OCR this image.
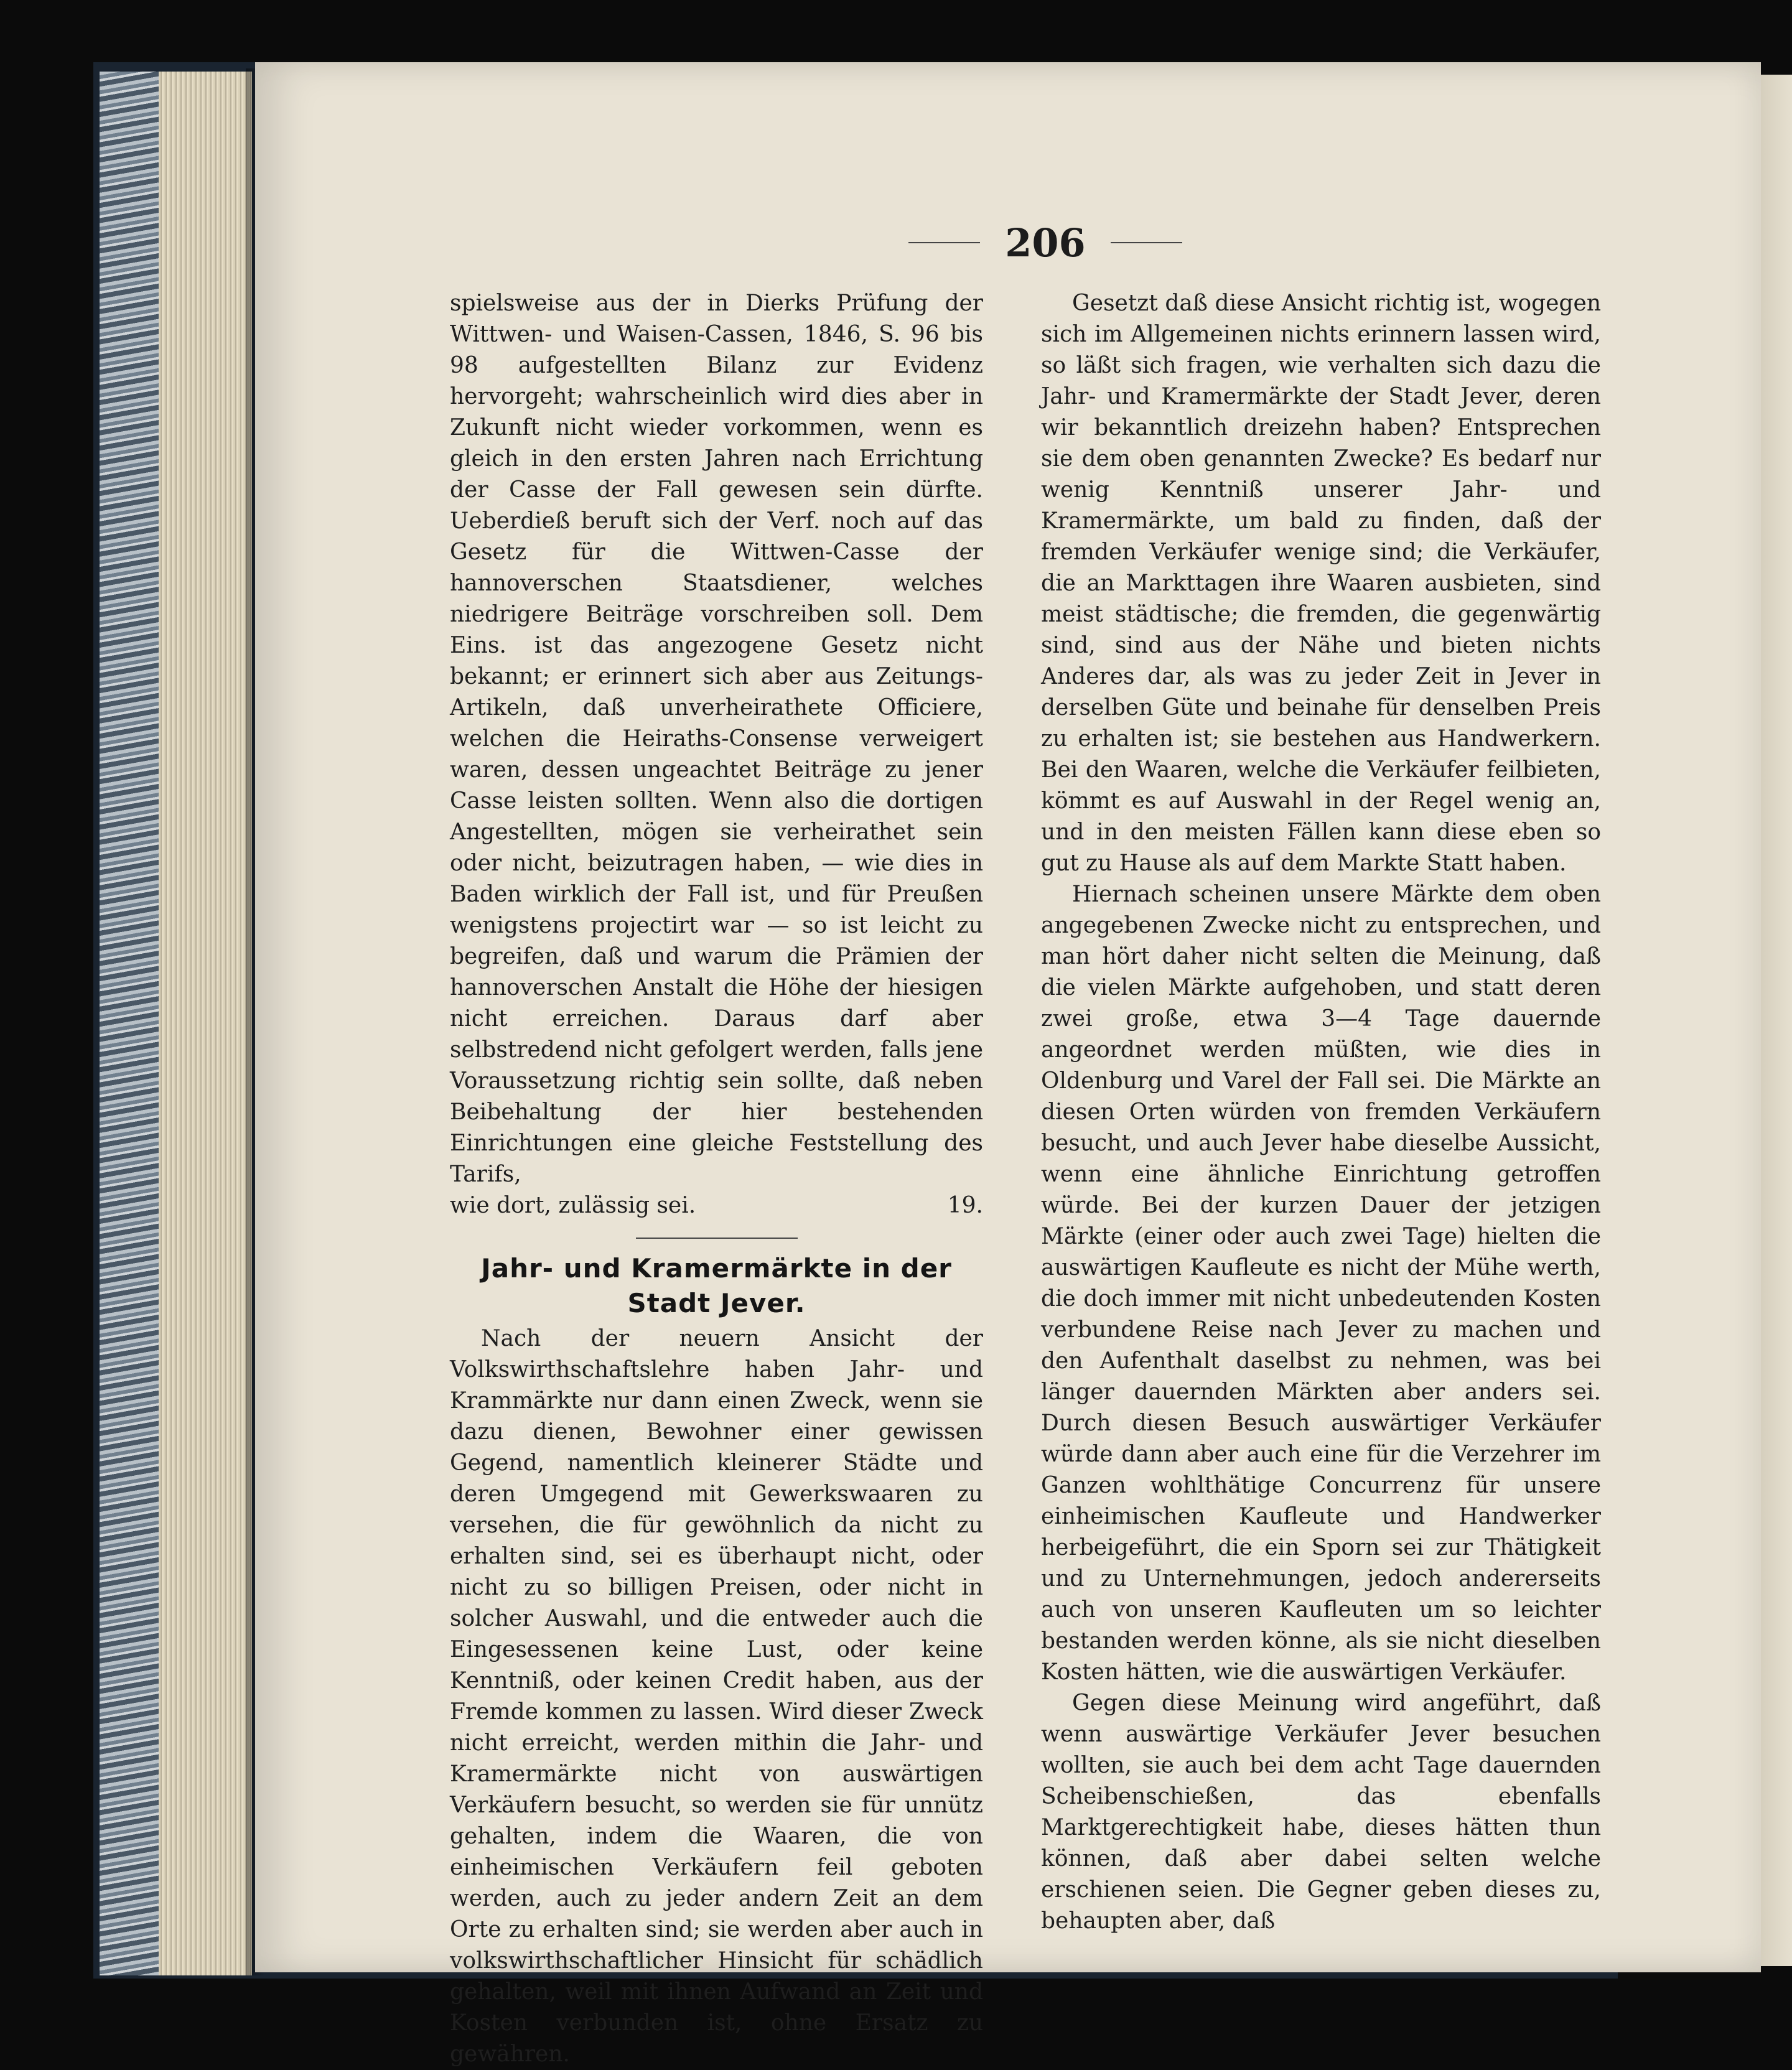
206

spielsweise aus der in Dierks Prüfung der Wittwen- und Waisen-Cassen, 1846, S. 96 bis 98 aufgestellten Bilanz zur Evidenz hervorgeht; wahrscheinlich wird dies aber in Zukunft nicht wieder vorkommen, wenn es gleich in den ersten Jahren nach Errichtung der Casse der Fall gewesen sein dürfte. Ueberdieß beruft sich der Verf. noch auf das Gesetz für die Wittwen-Casse der hannoverschen Staatsdiener, welches niedrigere Beiträge vorschreiben soll. Dem Eins. ist das angezogene Gesetz nicht bekannt; er erinnert sich aber aus Zeitungs-Artikeln, daß unverheirathete Officiere, welchen die Heiraths-Consense verweigert waren, dessen ungeachtet Beiträge zu jener Casse leisten sollten. Wenn also die dortigen Angestellten, mögen sie verheirathet sein oder nicht, beizutragen haben, — wie dies in Baden wirklich der Fall ist, und für Preußen wenigstens projectirt war — so ist leicht zu begreifen, daß und warum die Prämien der hannoverschen Anstalt die Höhe der hiesigen nicht erreichen. Daraus darf aber selbstredend nicht gefolgert werden, falls jene Voraussetzung richtig sein sollte, daß neben Beibehaltung der hier bestehenden Einrichtungen eine gleiche Feststellung des Tarifs,

wie dort, zulässig sei.	19.
Jahr- und Kramermärkte in der Stadt Jever.

Nach der neuern Ansicht der Volkswirthschaftslehre haben Jahr- und Krammärkte nur dann einen Zweck, wenn sie dazu dienen, Bewohner einer gewissen Gegend, namentlich kleinerer Städte und deren Umgegend mit Gewerkswaaren zu versehen, die für gewöhnlich da nicht zu erhalten sind, sei es überhaupt nicht, oder nicht zu so billigen Preisen, oder nicht in solcher Auswahl, und die entweder auch die Eingesessenen keine Lust, oder keine Kenntniß, oder keinen Credit haben, aus der Fremde kommen zu lassen. Wird dieser Zweck nicht erreicht, werden mithin die Jahr- und Kramermärkte nicht von auswärtigen Verkäufern besucht, so werden sie für unnütz gehalten, indem die Waaren, die von einheimischen Verkäufern feil geboten werden, auch zu jeder andern Zeit an dem Orte zu erhalten sind; sie werden aber auch in volkswirthschaftlicher Hinsicht für schädlich gehalten, weil mit ihnen Aufwand an Zeit und Kosten verbunden ist, ohne Ersatz zu gewähren.

Gesetzt daß diese Ansicht richtig ist, wogegen sich im Allgemeinen nichts erinnern lassen wird, so läßt sich fragen, wie verhalten sich dazu die Jahr- und Kramermärkte der Stadt Jever, deren wir bekanntlich dreizehn haben? Entsprechen sie dem oben genannten Zwecke? Es bedarf nur wenig Kenntniß unserer Jahr- und Kramermärkte, um bald zu finden, daß der fremden Verkäufer wenige sind; die Verkäufer, die an Markttagen ihre Waaren ausbieten, sind meist städtische; die fremden, die gegenwärtig sind, sind aus der Nähe und bieten nichts Anderes dar, als was zu jeder Zeit in Jever in derselben Güte und beinahe für denselben Preis zu erhalten ist; sie bestehen aus Handwerkern. Bei den Waaren, welche die Verkäufer feilbieten, kömmt es auf Auswahl in der Regel wenig an, und in den meisten Fällen kann diese eben so gut zu Hause als auf dem Markte Statt haben.

Hiernach scheinen unsere Märkte dem oben angegebenen Zwecke nicht zu entsprechen, und man hört daher nicht selten die Meinung, daß die vielen Märkte aufgehoben, und statt deren zwei große, etwa 3—4 Tage dauernde angeordnet werden müßten, wie dies in Oldenburg und Varel der Fall sei. Die Märkte an diesen Orten würden von fremden Verkäufern besucht, und auch Jever habe dieselbe Aussicht, wenn eine ähnliche Einrichtung getroffen würde. Bei der kurzen Dauer der jetzigen Märkte (einer oder auch zwei Tage) hielten die auswärtigen Kaufleute es nicht der Mühe werth, die doch immer mit nicht unbedeutenden Kosten verbundene Reise nach Jever zu machen und den Aufenthalt daselbst zu nehmen, was bei länger dauernden Märkten aber anders sei. Durch diesen Besuch auswärtiger Verkäufer würde dann aber auch eine für die Verzehrer im Ganzen wohlthätige Concurrenz für unsere einheimischen Kaufleute und Handwerker herbeigeführt, die ein Sporn sei zur Thätigkeit und zu Unternehmungen, jedoch andererseits auch von unseren Kaufleuten um so leichter bestanden werden könne, als sie nicht dieselben Kosten hätten, wie die auswärtigen Verkäufer.

Gegen diese Meinung wird angeführt, daß wenn auswärtige Verkäufer Jever besuchen wollten, sie auch bei dem acht Tage dauernden Scheibenschießen, das ebenfalls Marktgerechtigkeit habe, dieses hätten thun können, daß aber dabei selten welche erschienen seien. Die Gegner geben dieses zu, behaupten aber, daß
